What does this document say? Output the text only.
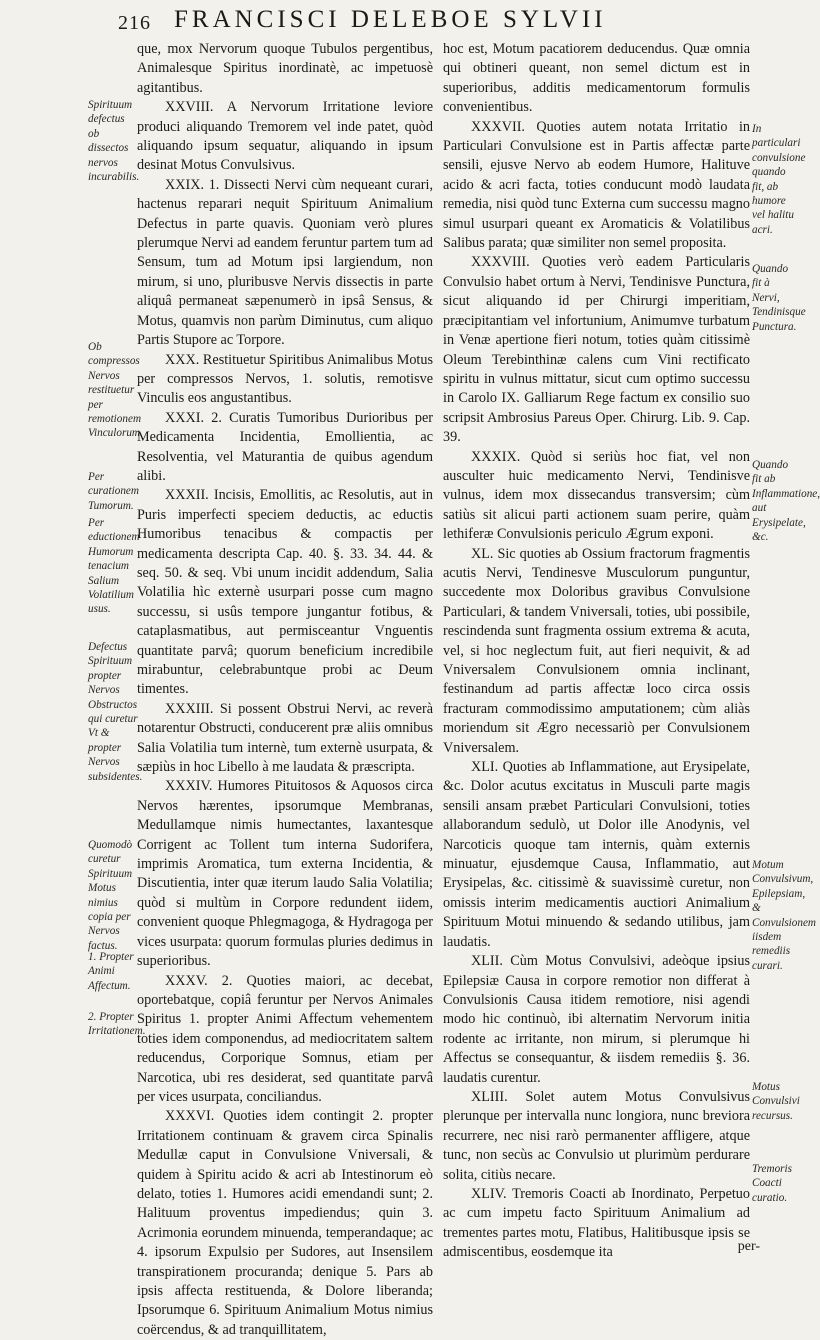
216 FRANCISCI DELEBOE SYLVII
Spirituum defectus ob dissectos nervos incurabilis.
Ob compressos Nervos restituetur per remotionem Vinculorum.
Per curationem Tumorum.
Per eductionem Humorum tenacium Salium Volatilium usus.
Defectus Spirituum propter Nervos Obstructos qui curetur Vt & propter Nervos subsidentes.
Quomodò curetur Spirituum Motus nimius copia per Nervos factus.
1. Propter Animi Affectum.
2. Propter Irritationem.

que, mox Nervorum quoque Tubulos pergentibus, Animalesque Spiritus inordinatè, ac impetuosè agitantibus.

XXVIII. A Nervorum Irritatione leviore produci aliquando Tremorem vel inde patet, quòd aliquando ipsum sequatur, aliquando in ipsum desinat Motus Convulsivus.

XXIX. 1. Dissecti Nervi cùm nequeant curari, hactenus reparari nequit Spirituum Animalium Defectus in parte quavis. Quoniam verò plures plerumque Nervi ad eandem feruntur partem tum ad Sensum, tum ad Motum ipsi largiendum, non mirum, si uno, pluribusve Nervis dissectis in parte aliquâ permaneat sæpenumerò in ipsâ Sensus, & Motus, quamvis non parùm Diminutus, cum aliquo Partis Stupore ac Torpore.

XXX. Restituetur Spiritibus Animalibus Motus per compressos Nervos, 1. solutis, remotisve Vinculis eos angustantibus.

XXXI. 2. Curatis Tumoribus Durioribus per Medicamenta Incidentia, Emollientia, ac Resolventia, vel Maturantia de quibus agendum alibi.

XXXII. Incisis, Emollitis, ac Resolutis, aut in Puris imperfecti speciem deductis, ac eductis Humoribus tenacibus & compactis per medicamenta descripta Cap. 40. §. 33. 34. 44. & seq. 50. & seq. Vbi unum incidit addendum, Salia Volatilia hìc externè usurpari posse cum magno successu, si usûs tempore jungantur fotibus, & cataplasmatibus, aut permisceantur Vnguentis quantitate parvâ; quorum beneficium incredibile mirabuntur, celebrabuntque probi ac Deum timentes.

XXXIII. Si possent Obstrui Nervi, ac reverà notarentur Obstructi, conducerent præ aliis omnibus Salia Volatilia tum internè, tum externè usurpata, & sæpiùs in hoc Libello à me laudata & præscripta.

XXXIV. Humores Pituitosos & Aquosos circa Nervos hærentes, ipsorumque Membranas, Medullamque nimis humectantes, laxantesque Corrigent ac Tollent tum interna Sudorifera, imprimis Aromatica, tum externa Incidentia, & Discutientia, inter quæ iterum laudo Salia Volatilia; quòd si multùm in Corpore redundent iidem, convenient quoque Phlegmagoga, & Hydragoga per vices usurpata: quorum formulas pluries dedimus in superioribus.

XXXV. 2. Quoties maiori, ac decebat, oportebatque, copiâ feruntur per Nervos Animales Spiritus 1. propter Animi Affectum vehementem toties idem componendus, ad mediocritatem saltem reducendus, Corporique Somnus, etiam per Narcotica, ubi res desiderat, sed quantitate parvâ per vices usurpata, conciliandus.

XXXVI. Quoties idem contingit 2. propter Irritationem continuam & gravem circa Spinalis Medullæ caput in Convulsione Vniversali, & quidem à Spiritu acido & acri ab Intestinorum eò delato, toties 1. Humores acidi emendandi sunt; 2. Halituum proventus impediendus; quin 3. Acrimonia eorundem minuenda, temperandaque; ac 4. ipsorum Expulsio per Sudores, aut Insensilem transpirationem procuranda; denique 5. Pars ab ipsis affecta restituenda, & Dolore liberanda; Ipsorumque 6. Spirituum Animalium Motus nimius coërcendus, & ad tranquillitatem,

hoc est, Motum pacatiorem deducendus. Quæ omnia qui obtineri queant, non semel dictum est in superioribus, additis medicamentorum formulis convenientibus.

XXXVII. Quoties autem notata Irritatio in Particulari Convulsione est in Partis affectæ parte sensili, ejusve Nervo ab eodem Humore, Halituve acido & acri facta, toties conducunt modò laudata remedia, nisi quòd tunc Externa cum successu magno simul usurpari queant ex Aromaticis & Volatilibus Salibus parata; quæ similiter non semel proposita.

XXXVIII. Quoties verò eadem Particularis Convulsio habet ortum à Nervi, Tendinisve Punctura, sicut aliquando id per Chirurgi imperitiam, præcipitantiam vel infortunium, Animumve turbatum in Venæ apertione fieri notum, toties quàm citissimè Oleum Terebinthinæ calens cum Vini rectificato spiritu in vulnus mittatur, sicut cum optimo successu in Carolo IX. Galliarum Rege factum ex consilio suo scripsit Ambrosius Pareus Oper. Chirurg. Lib. 9. Cap. 39.

XXXIX. Quòd si seriùs hoc fiat, vel non ausculter huic medicamento Nervi, Tendinisve vulnus, idem mox dissecandus transversim; cùm satiùs sit alicui parti actionem suam perire, quàm lethiferæ Convulsionis periculo Ægrum exponi.

XL. Sic quoties ab Ossium fractorum fragmentis acutis Nervi, Tendinesve Musculorum punguntur, succedente mox Doloribus gravibus Convulsione Particulari, & tandem Vniversali, toties, ubi possibile, rescindenda sunt fragmenta ossium extrema & acuta, vel, si hoc neglectum fuit, aut fieri nequivit, & ad Vniversalem Convulsionem omnia inclinant, festinandum ad partis affectæ loco circa ossis fracturam commodissimo amputationem; cùm aliàs moriendum sit Ægro necessariò per Convulsionem Vniversalem.

XLI. Quoties ab Inflammatione, aut Erysipelate, &c. Dolor acutus excitatus in Musculi parte magis sensili ansam præbet Particulari Convulsioni, toties allaborandum sedulò, ut Dolor ille Anodynis, vel Narcoticis quoque tam internis, quàm externis minuatur, ejusdemque Causa, Inflammatio, aut Erysipelas, &c. citissimè & suavissimè curetur, non omissis interim medicamentis auctiori Animalium Spirituum Motui minuendo & sedando utilibus, jam laudatis.

XLII. Cùm Motus Convulsivi, adeòque ipsius Epilepsiæ Causa in corpore remotior non differat à Convulsionis Causa itidem remotiore, nisi agendi modo hic continuò, ibi alternatim Nervorum initia rodente ac irritante, non mirum, si plerumque hi Affectus se consequantur, & iisdem remediis §. 36. laudatis curentur.

XLIII. Solet autem Motus Convulsivus plerunque per intervalla nunc longiora, nunc breviora recurrere, nec nisi rarò permanenter affligere, atque tunc, non secùs ac Convulsio ut plurimùm perdurare solita, citiùs necare.

XLIV. Tremoris Coacti ab Inordinato, Perpetuo ac cum impetu facto Spirituum Animalium ad trementes partes motu, Flatibus, Halitibusque ipsis se admiscentibus, eosdemque ita

In particulari convulsione quando fit, ab humore vel halitu acri.
Quando fit à Nervi, Tendinisque Punctura.
Quando fit ab Inflammatione, aut Erysipelate, &c.
Motum Convulsivum, Epilepsiam, & Convulsionem iisdem remediis curari.
Motus Convulsivi recursus.
Tremoris Coacti curatio.
per-
